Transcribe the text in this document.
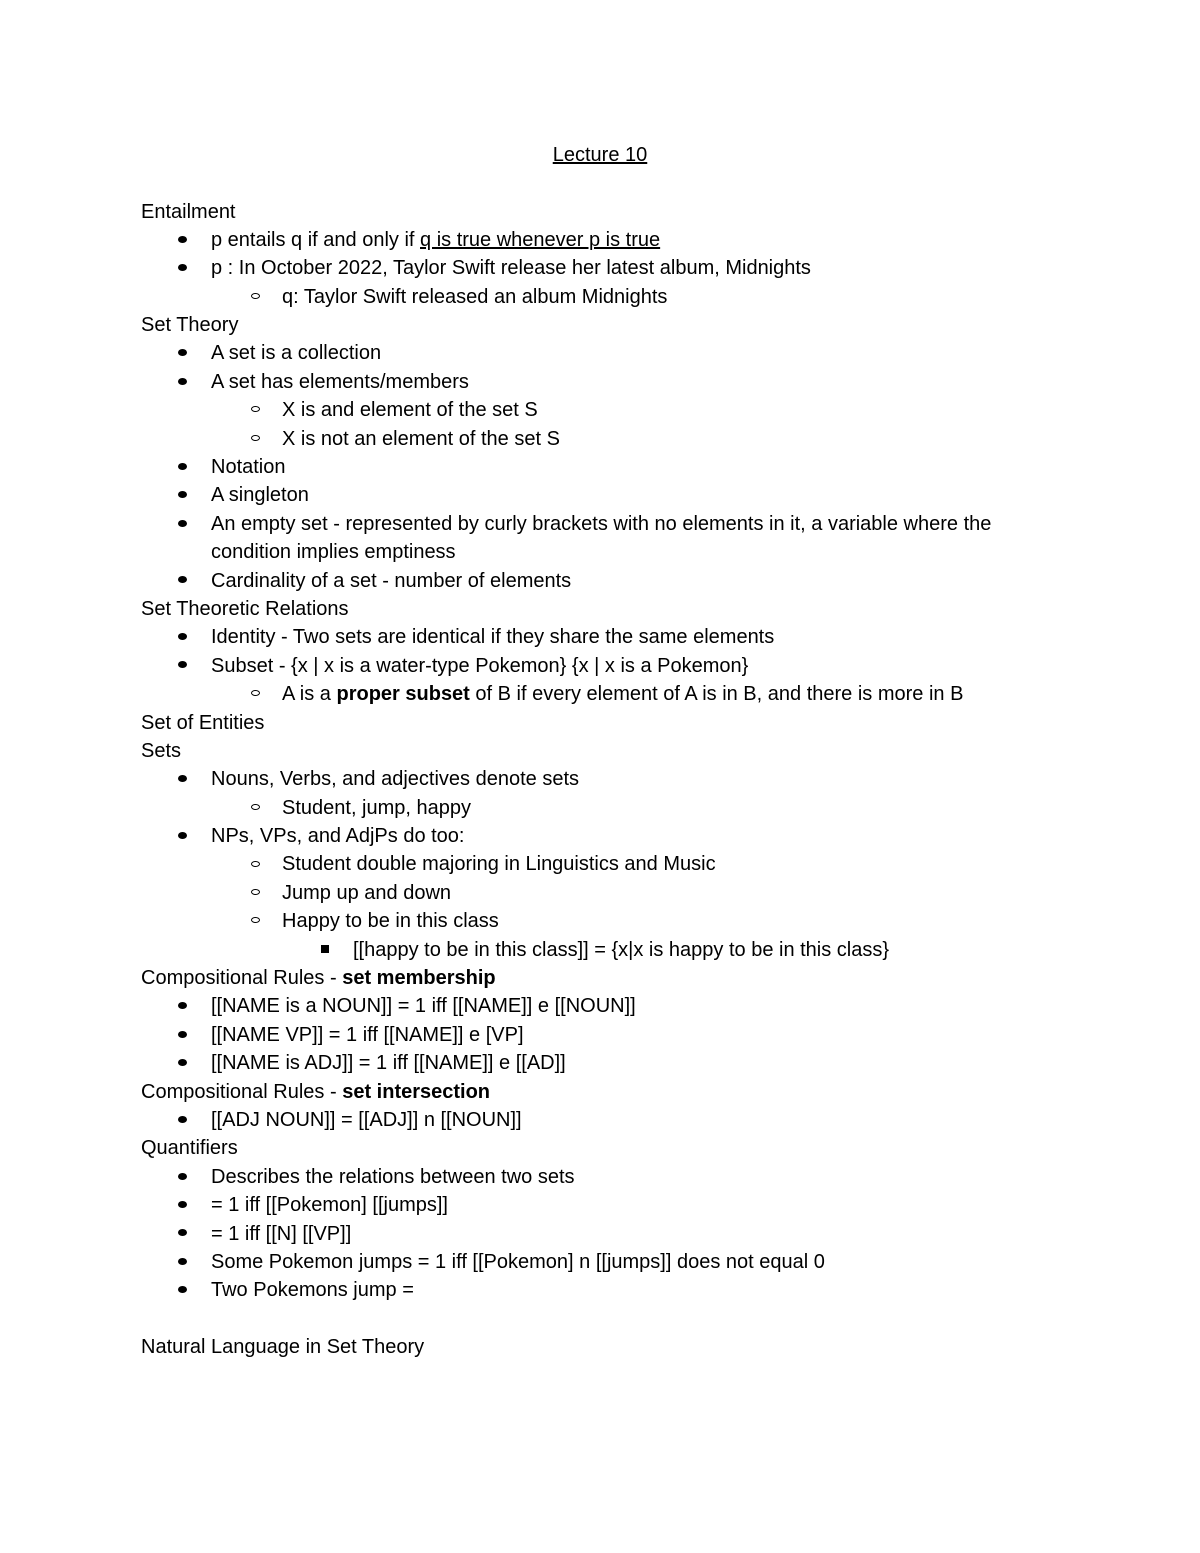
Lecture 10
Entailment
p entails q if and only if q is true whenever p is true
p : In October 2022, Taylor Swift release her latest album, Midnights
q: Taylor Swift released an album Midnights
Set Theory
A set is a collection
A set has elements/members
X is and element of the set S
X is not an element of the set S
Notation
A singleton
An empty set - represented by curly brackets with no elements in it, a variable where the
condition implies emptiness
Cardinality of a set - number of elements
Set Theoretic Relations
Identity - Two sets are identical if they share the same elements
Subset - {x | x is a water-type Pokemon} {x | x is a Pokemon}
A is a proper subset of B if every element of A is in B, and there is more in B
Set of Entities
Sets
Nouns, Verbs, and adjectives denote sets
Student, jump, happy
NPs, VPs, and AdjPs do too:
Student double majoring in Linguistics and Music
Jump up and down
Happy to be in this class
[[happy to be in this class]] = {x|x is happy to be in this class}
Compositional Rules - set membership
[[NAME is a NOUN]] = 1 iff [[NAME]] e [[NOUN]]
[[NAME VP]] = 1 iff [[NAME]] e [VP]
[[NAME is ADJ]] = 1 iff [[NAME]] e [[AD]]
Compositional Rules - set intersection
[[ADJ NOUN]] = [[ADJ]] n [[NOUN]]
Quantifiers
Describes the relations between two sets
= 1 iff [[Pokemon] [[jumps]]
= 1 iff [[N] [[VP]]
Some Pokemon jumps = 1 iff [[Pokemon] n [[jumps]] does not equal 0
Two Pokemons jump =
Natural Language in Set Theory
